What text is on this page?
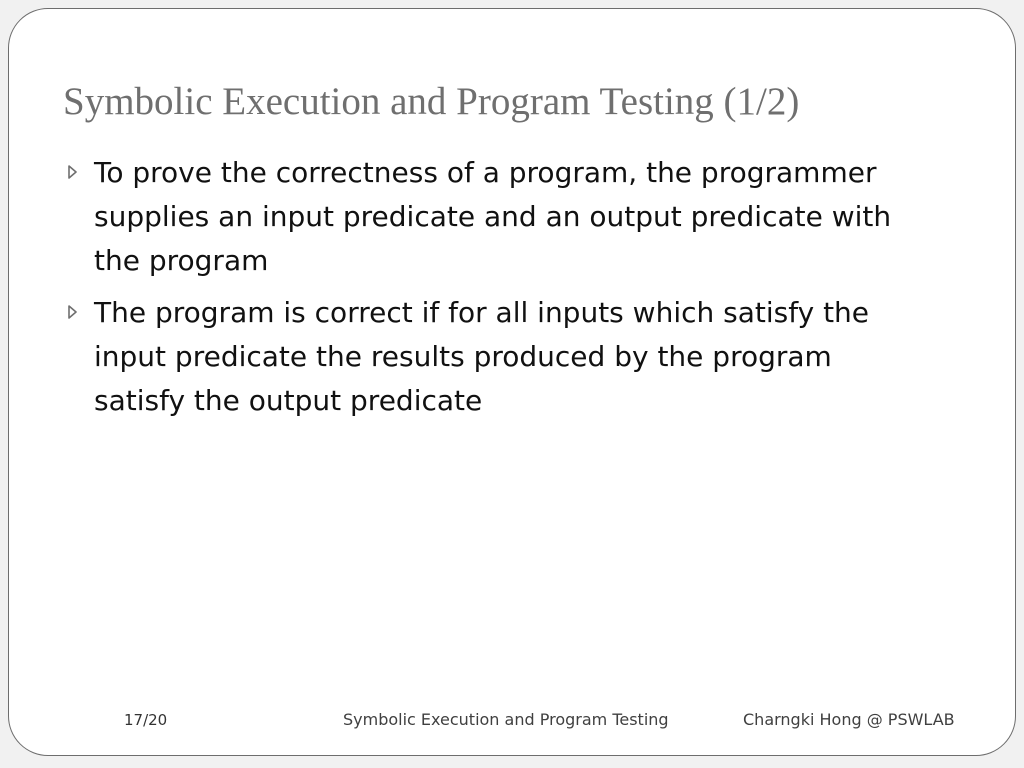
Symbolic Execution and Program Testing (1/2)
To prove the correctness of a program, the programmer
supplies an input predicate and an output predicate with
the program
The program is correct if for all inputs which satisfy the
input predicate the results produced by the program
satisfy the output predicate
17/20	Symbolic Execution and Program Testing	Charngki Hong @ PSWLAB
